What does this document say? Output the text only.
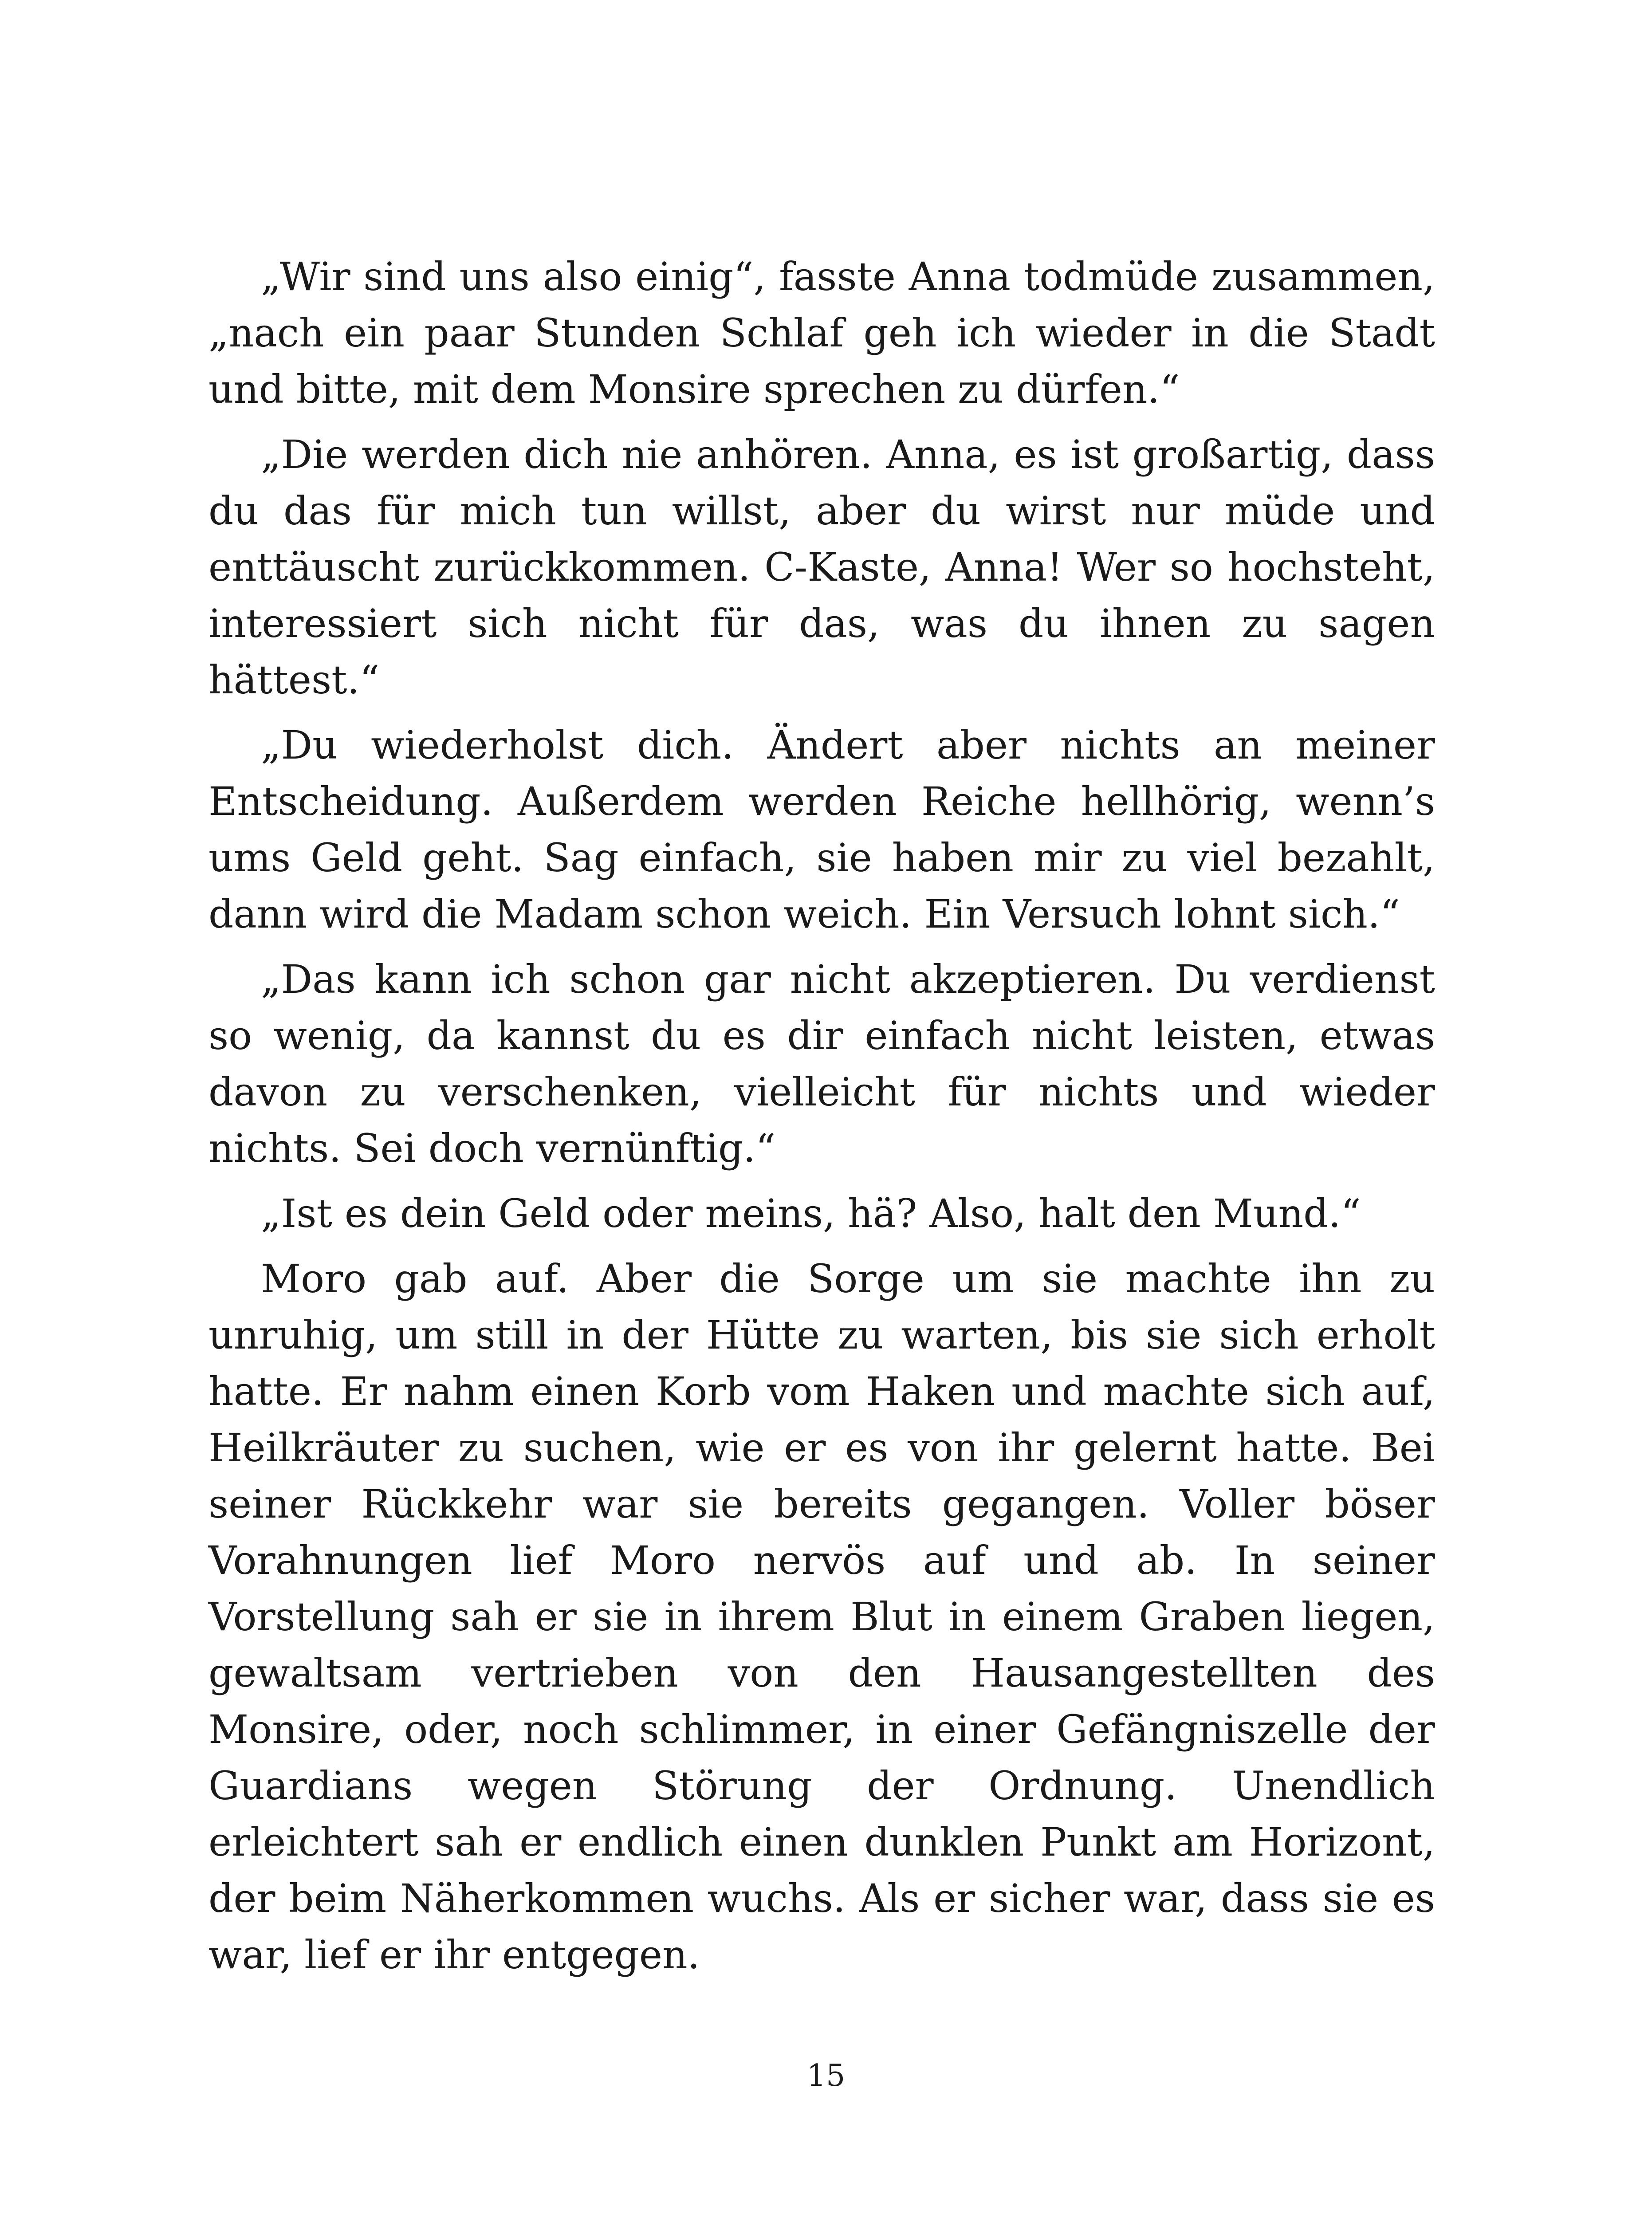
„Wir sind uns also einig“, fasste Anna todmüde zusammen, „nach ein paar Stunden Schlaf geh ich wieder in die Stadt und bitte, mit dem Monsire sprechen zu dürfen.“

„Die werden dich nie anhören. Anna, es ist großartig, dass du das für mich tun willst, aber du wirst nur müde und enttäuscht zurückkommen. C-Kaste, Anna! Wer so hochsteht, interessiert sich nicht für das, was du ihnen zu sagen hättest.“

„Du wiederholst dich. Ändert aber nichts an meiner Entscheidung. Außerdem werden Reiche hellhörig, wenn’s ums Geld geht. Sag einfach, sie haben mir zu viel bezahlt, dann wird die Madam schon weich. Ein Versuch lohnt sich.“

„Das kann ich schon gar nicht akzeptieren. Du verdienst so wenig, da kannst du es dir einfach nicht leisten, etwas davon zu verschenken, vielleicht für nichts und wieder nichts. Sei doch vernünftig.“

„Ist es dein Geld oder meins, hä? Also, halt den Mund.“

Moro gab auf. Aber die Sorge um sie machte ihn zu unruhig, um still in der Hütte zu warten, bis sie sich erholt hatte. Er nahm einen Korb vom Haken und machte sich auf, Heilkräuter zu suchen, wie er es von ihr gelernt hatte. Bei seiner Rückkehr war sie bereits gegangen. Voller böser Vorahnungen lief Moro nervös auf und ab. In seiner Vorstellung sah er sie in ihrem Blut in einem Graben liegen, gewaltsam vertrieben von den Hausangestellten des Monsire, oder, noch schlimmer, in einer Gefängniszelle der Guardians wegen Störung der Ordnung. Unendlich erleichtert sah er endlich einen dunklen Punkt am Horizont, der beim Näherkommen wuchs. Als er sicher war, dass sie es war, lief er ihr entgegen.

15
